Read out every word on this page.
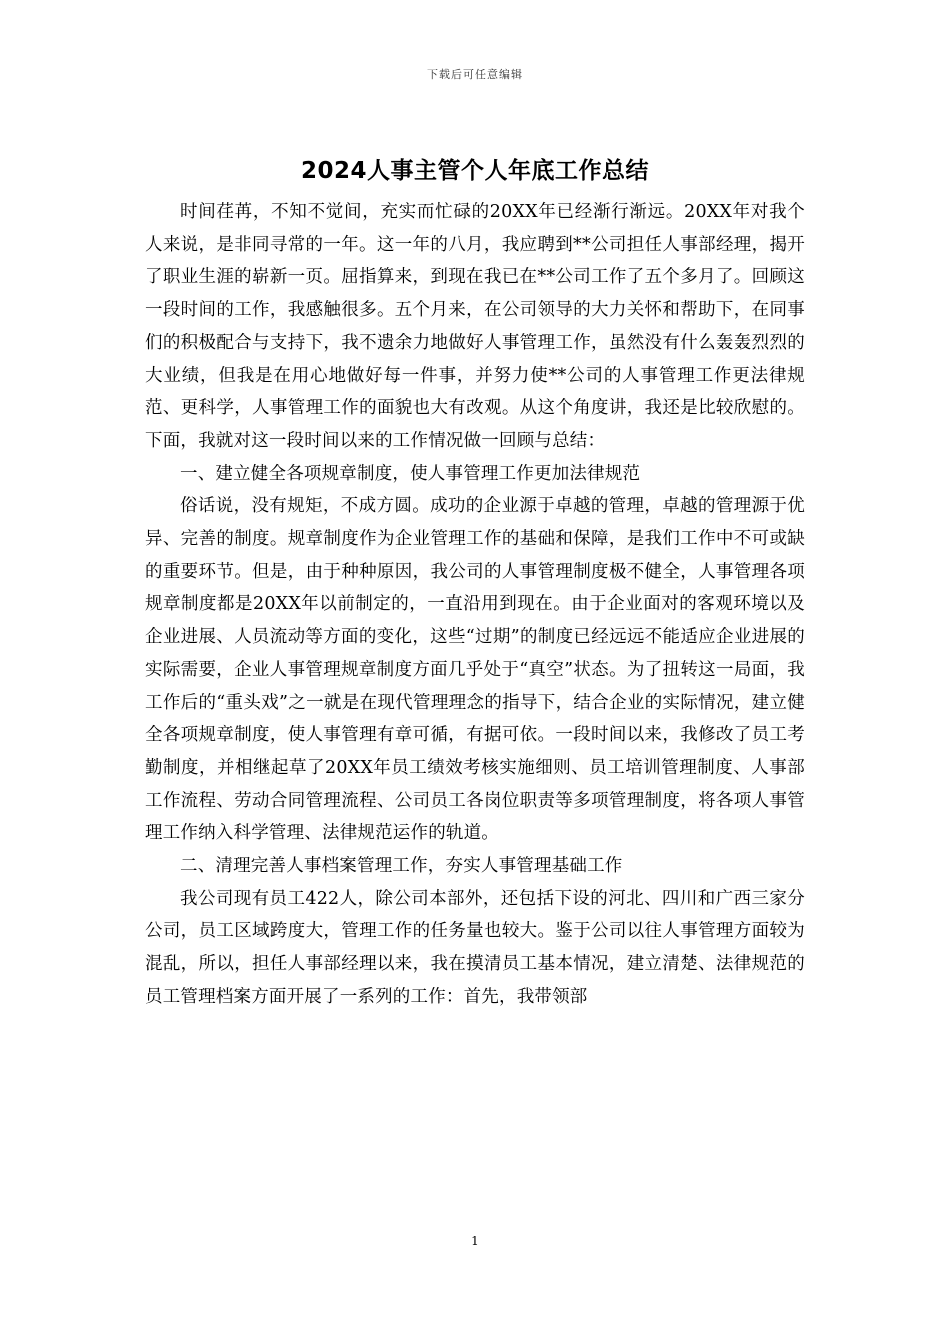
下载后可任意编辑
2024人事主管个人年底工作总结

时间荏苒，不知不觉间，充实而忙碌的20XX年已经渐行渐远。20XX年对我个人来说，是非同寻常的一年。这一年的八月，我应聘到**公司担任人事部经理，揭开了职业生涯的崭新一页。屈指算来，到现在我已在**公司工作了五个多月了。回顾这一段时间的工作，我感触很多。五个月来，在公司领导的大力关怀和帮助下，在同事们的积极配合与支持下，我不遗余力地做好人事管理工作，虽然没有什么轰轰烈烈的大业绩，但我是在用心地做好每一件事，并努力使**公司的人事管理工作更法律规范、更科学，人事管理工作的面貌也大有改观。从这个角度讲，我还是比较欣慰的。下面，我就对这一段时间以来的工作情况做一回顾与总结：

一、建立健全各项规章制度，使人事管理工作更加法律规范

俗话说，没有规矩，不成方圆。成功的企业源于卓越的管理，卓越的管理源于优异、完善的制度。规章制度作为企业管理工作的基础和保障，是我们工作中不可或缺的重要环节。但是，由于种种原因，我公司的人事管理制度极不健全，人事管理各项规章制度都是20XX年以前制定的，一直沿用到现在。由于企业面对的客观环境以及企业进展、人员流动等方面的变化，这些“过期”的制度已经远远不能适应企业进展的实际需要，企业人事管理规章制度方面几乎处于“真空”状态。为了扭转这一局面，我工作后的“重头戏”之一就是在现代管理理念的指导下，结合企业的实际情况，建立健全各项规章制度，使人事管理有章可循，有据可依。一段时间以来，我修改了员工考勤制度，并相继起草了20XX年员工绩效考核实施细则、员工培训管理制度、人事部工作流程、劳动合同管理流程、公司员工各岗位职责等多项管理制度，将各项人事管理工作纳入科学管理、法律规范运作的轨道。

二、清理完善人事档案管理工作，夯实人事管理基础工作

我公司现有员工422人，除公司本部外，还包括下设的河北、四川和广西三家分公司，员工区域跨度大，管理工作的任务量也较大。鉴于公司以往人事管理方面较为混乱，所以，担任人事部经理以来，我在摸清员工基本情况，建立清楚、法律规范的员工管理档案方面开展了一系列的工作：首先，我带领部

1
